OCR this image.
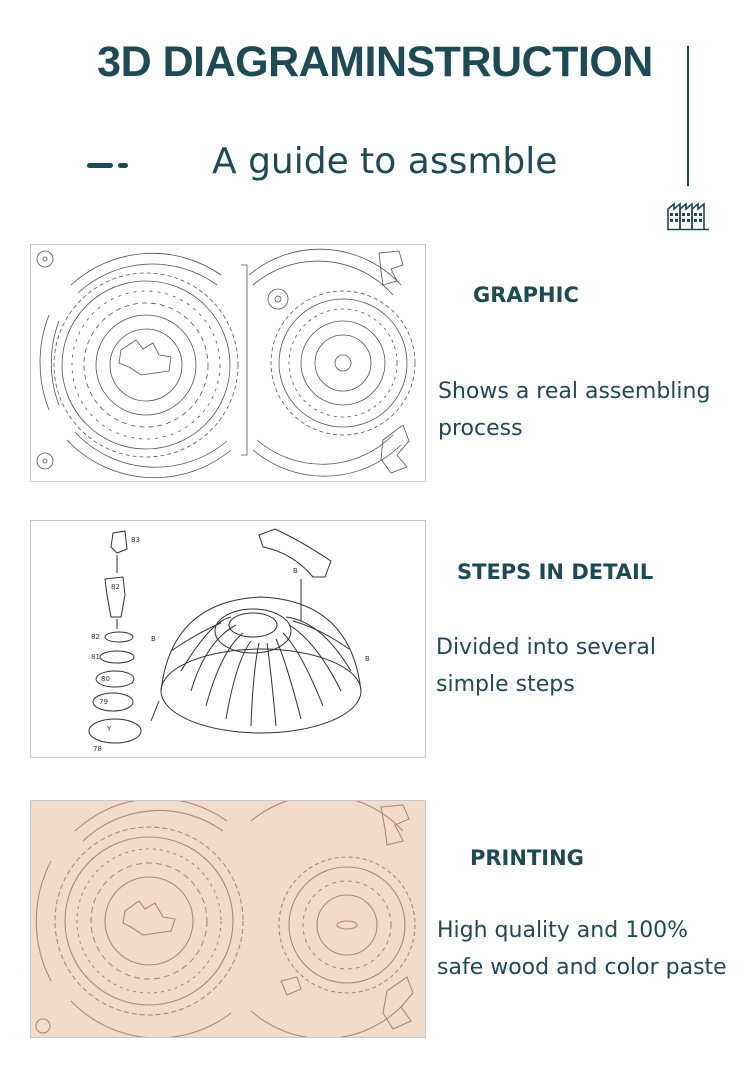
3D DIAGRAMINSTRUCTION
A guide to assmble
GRAPHIC
Shows a real assembling
process
83
82
82
81
80
79
78
B
B
B
Y
STEPS IN DETAIL
Divided into several
simple steps
PRINTING
High quality and 100%
safe wood and color paste
